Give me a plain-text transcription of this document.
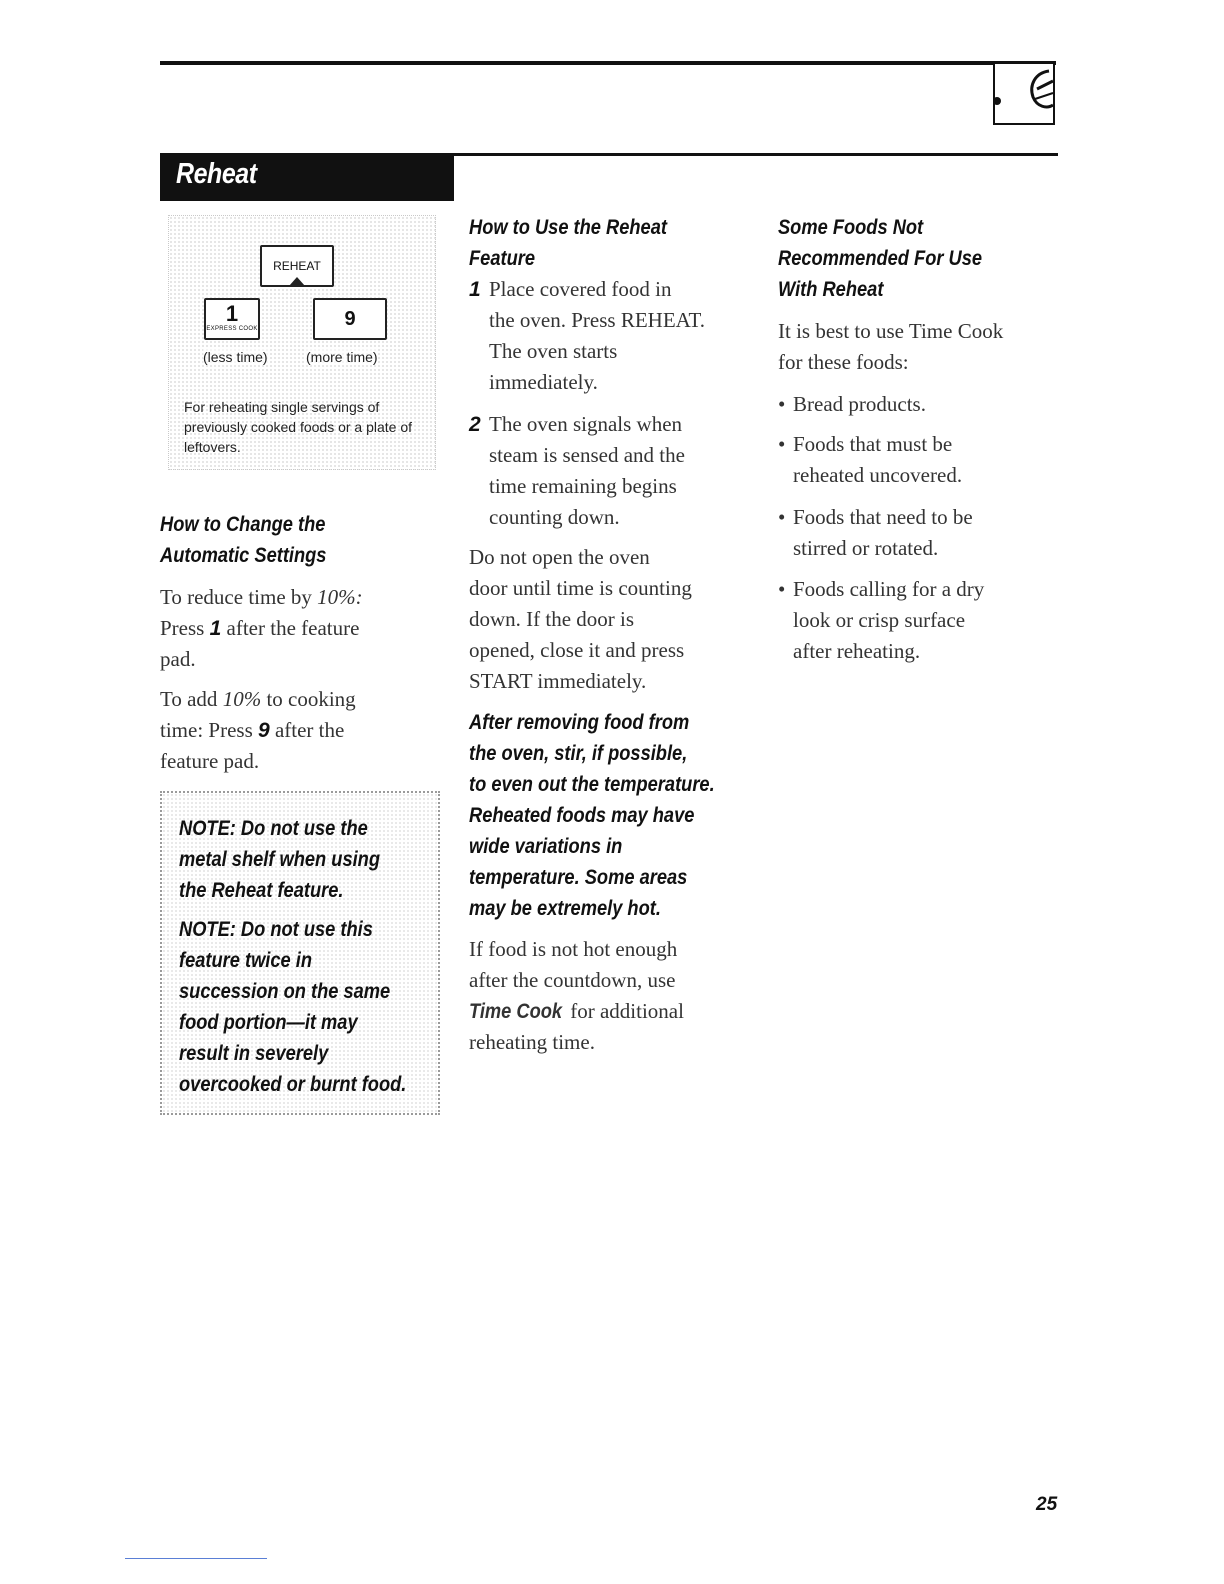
Reheat
REHEAT
1
EXPRESS COOK	9
(less time)	(more time)
For reheating single servings of previously cooked foods or a plate of leftovers.
How to Change the
Automatic Settings
To reduce time by 10%:
Press 1 after the feature
pad.
To add 10% to cooking
time: Press 9 after the
feature pad.
NOTE: Do not use the
metal shelf when using
the Reheat feature.
NOTE: Do not use this
feature twice in
succession on the same
food portion—it may
result in severely
overcooked or burnt food.
How to Use the Reheat
Feature
1 Place covered food in
the oven. Press REHEAT.
The oven starts
immediately.
2 The oven signals when
steam is sensed and the
time remaining begins
counting down.
Do not open the oven
door until time is counting
down. If the door is
opened, close it and press
START immediately.
After removing food from
the oven, stir, if possible,
to even out the temperature.
Reheated foods may have
wide variations in
temperature. Some areas
may be extremely hot.
If food is not hot enough
after the countdown, use
Time Cook for additional
reheating time.
Some Foods Not
Recommended For Use
With Reheat
It is best to use Time Cook
for these foods:
• Bread products.
• Foods that must be
reheated uncovered.
• Foods that need to be
stirred or rotated.
• Foods calling for a dry
look or crisp surface
after reheating.
25
